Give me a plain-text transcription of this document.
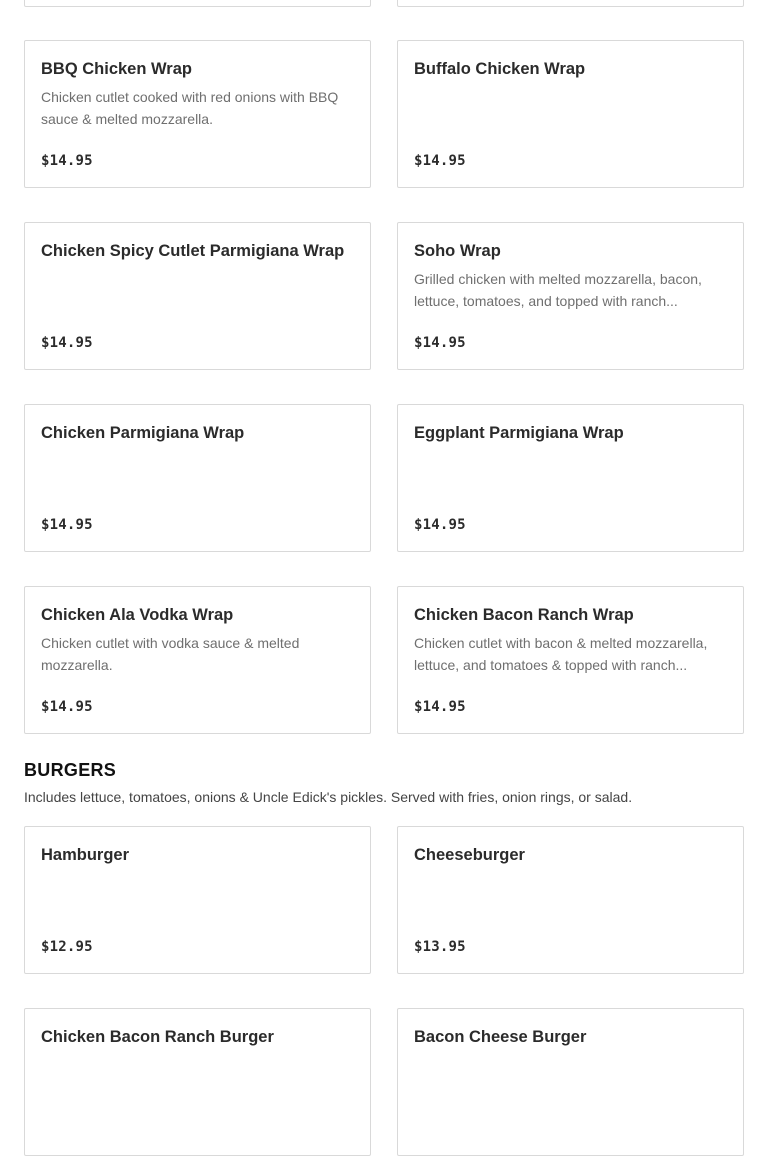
BBQ Chicken Wrap
Chicken cutlet cooked with red onions with BBQ sauce & melted mozzarella.
$14.95
Buffalo Chicken Wrap
$14.95
Chicken Spicy Cutlet Parmigiana Wrap
$14.95
Soho Wrap
Grilled chicken with melted mozzarella, bacon, lettuce, tomatoes, and topped with ranch...
$14.95
Chicken Parmigiana Wrap
$14.95
Eggplant Parmigiana Wrap
$14.95
Chicken Ala Vodka Wrap
Chicken cutlet with vodka sauce & melted mozzarella.
$14.95
Chicken Bacon Ranch Wrap
Chicken cutlet with bacon & melted mozzarella, lettuce, and tomatoes & topped with ranch...
$14.95
BURGERS
Includes lettuce, tomatoes, onions & Uncle Edick's pickles. Served with fries, onion rings, or salad.
Hamburger
$12.95
Cheeseburger
$13.95
Chicken Bacon Ranch Burger	Bacon Cheese Burger
